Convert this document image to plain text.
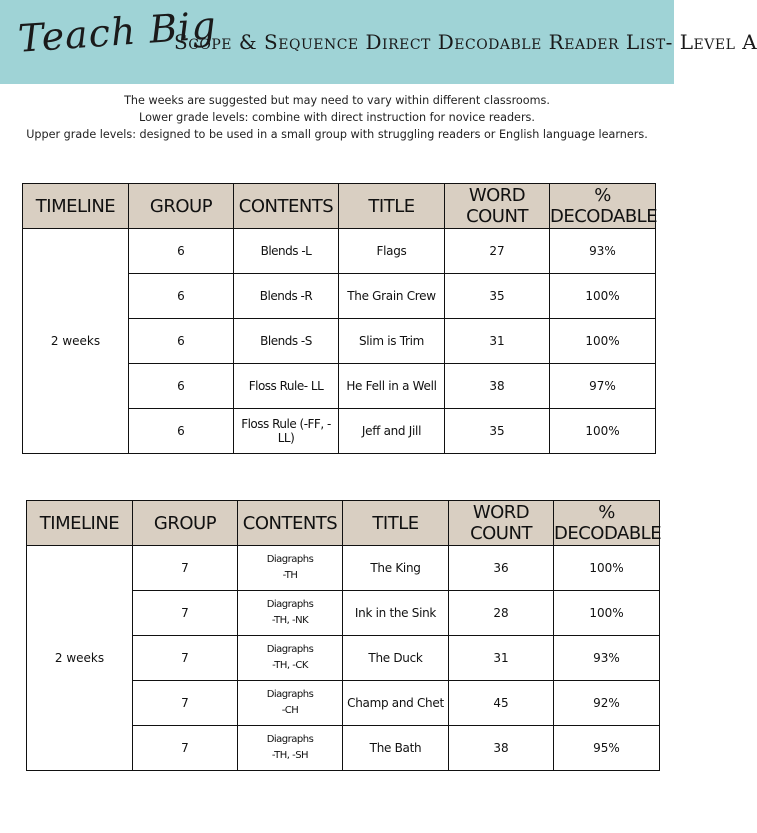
Teach Big
Scope & Sequence Direct Decodable Reader List- Level A
The weeks are suggested but may need to vary within different classrooms.
Lower grade levels: combine with direct instruction for novice readers.
Upper grade levels: designed to be used in a small group with struggling readers or English language learners.
TIMELINE	GROUP	CONTENTS	TITLE	WORD COUNT	% DECODABLE
2 weeks	6	Blends -L	Flags	27	93%
	6	Blends -R	The Grain Crew	35	100%
	6	Blends -S	Slim is Trim	31	100%
	6	Floss Rule- LL	He Fell in a Well	38	97%
	6	Floss Rule (-FF, -LL)	Jeff and Jill	35	100%
TIMELINE	GROUP	CONTENTS	TITLE	WORD COUNT	% DECODABLE
2 weeks	7	Diagraphs
-TH	The King	36	100%
	7	Diagraphs
-TH, -NK	Ink in the Sink	28	100%
	7	Diagraphs
-TH, -CK	The Duck	31	93%
	7	Diagraphs
-CH	Champ and Chet	45	92%
	7	Diagraphs
-TH, -SH	The Bath	38	95%
